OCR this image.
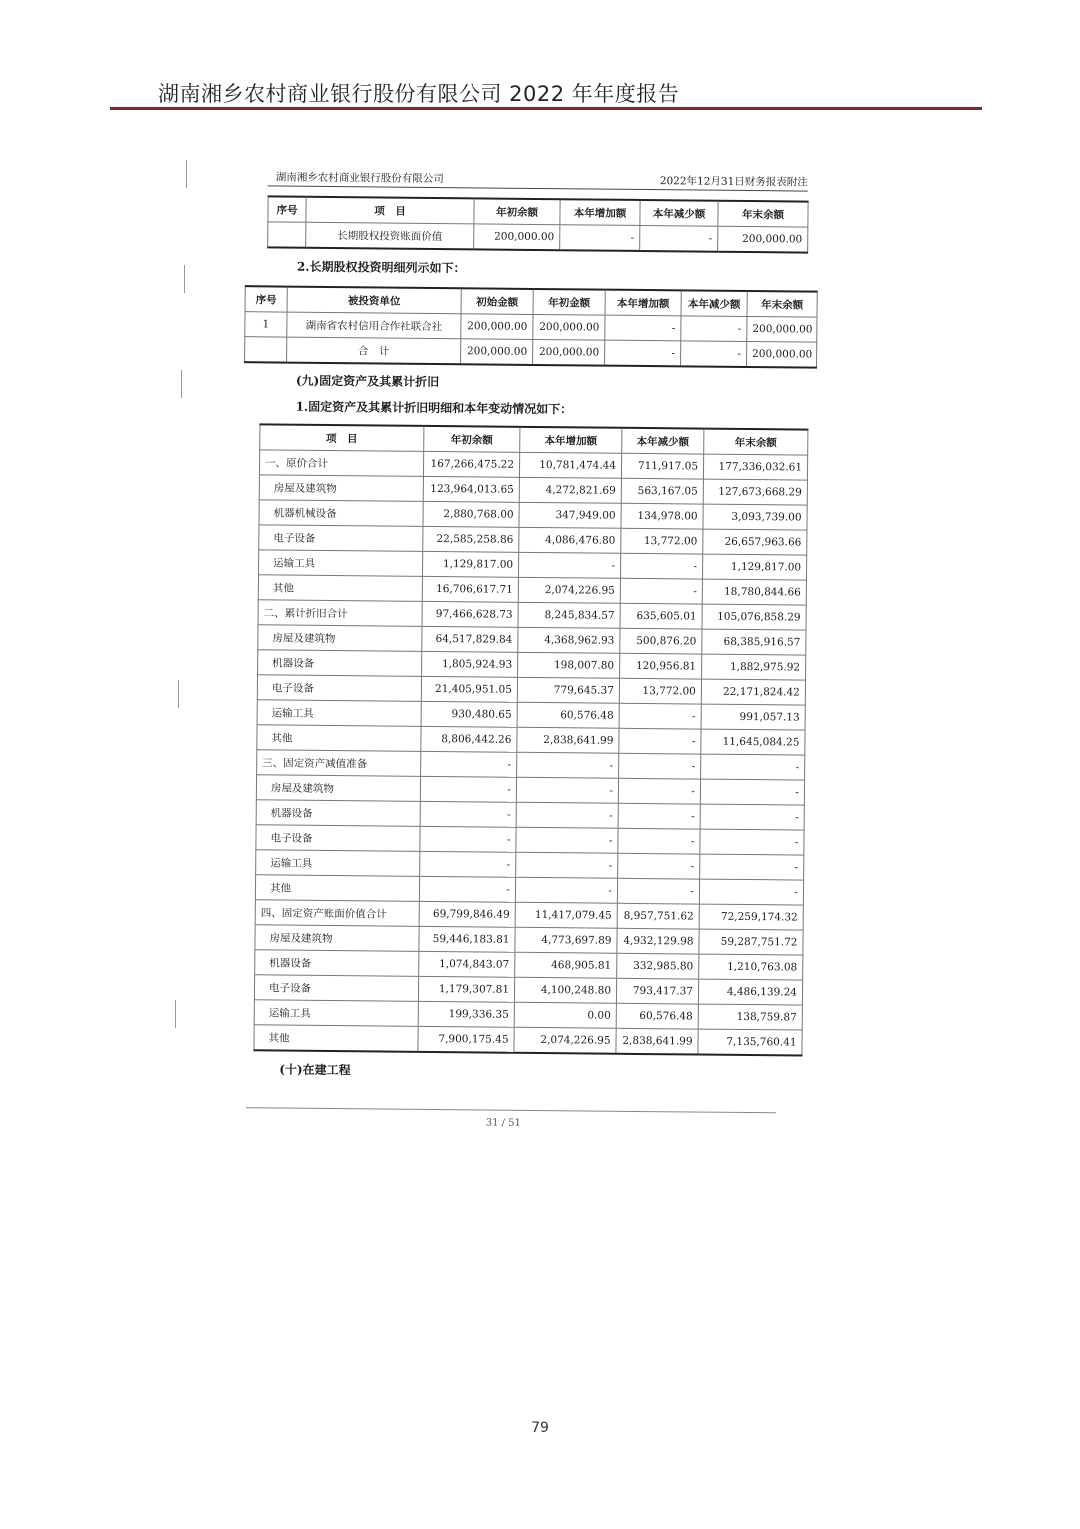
湖南湘乡农村商业银行股份有限公司 2022 年年度报告
湖南湘乡农村商业银行股份有限公司	2022年12月31日财务报表附注
序号	项　目	年初余额	本年增加额	本年减少额	年末余额
	长期股权投资账面价值	200,000.00	-	-	200,000.00
2.长期股权投资明细列示如下：
序号	被投资单位	初始金额	年初金额	本年增加额	本年减少额	年末余额
1	湖南省农村信用合作社联合社	200,000.00	200,000.00	-	-	200,000.00
	合　计	200,000.00	200,000.00	-	-	200,000.00
(九)固定资产及其累计折旧
1.固定资产及其累计折旧明细和本年变动情况如下：
项　目	年初余额	本年增加额	本年减少额	年末余额
一、原价合计	167,266,475.22	10,781,474.44	711,917.05	177,336,032.61
房屋及建筑物	123,964,013.65	4,272,821.69	563,167.05	127,673,668.29
机器机械设备	2,880,768.00	347,949.00	134,978.00	3,093,739.00
电子设备	22,585,258.86	4,086,476.80	13,772.00	26,657,963.66
运输工具	1,129,817.00	-	-	1,129,817.00
其他	16,706,617.71	2,074,226.95	-	18,780,844.66
二、累计折旧合计	97,466,628.73	8,245,834.57	635,605.01	105,076,858.29
房屋及建筑物	64,517,829.84	4,368,962.93	500,876.20	68,385,916.57
机器设备	1,805,924.93	198,007.80	120,956.81	1,882,975.92
电子设备	21,405,951.05	779,645.37	13,772.00	22,171,824.42
运输工具	930,480.65	60,576.48	-	991,057.13
其他	8,806,442.26	2,838,641.99	-	11,645,084.25
三、固定资产减值准备	-	-	-	-
房屋及建筑物	-	-	-	-
机器设备	-	-	-	-
电子设备	-	-	-	-
运输工具	-	-	-	-
其他	-	-	-	-
四、固定资产账面价值合计	69,799,846.49	11,417,079.45	8,957,751.62	72,259,174.32
房屋及建筑物	59,446,183.81	4,773,697.89	4,932,129.98	59,287,751.72
机器设备	1,074,843.07	468,905.81	332,985.80	1,210,763.08
电子设备	1,179,307.81	4,100,248.80	793,417.37	4,486,139.24
运输工具	199,336.35	0.00	60,576.48	138,759.87
其他	7,900,175.45	2,074,226.95	2,838,641.99	7,135,760.41
(十)在建工程
31 / 51
79
